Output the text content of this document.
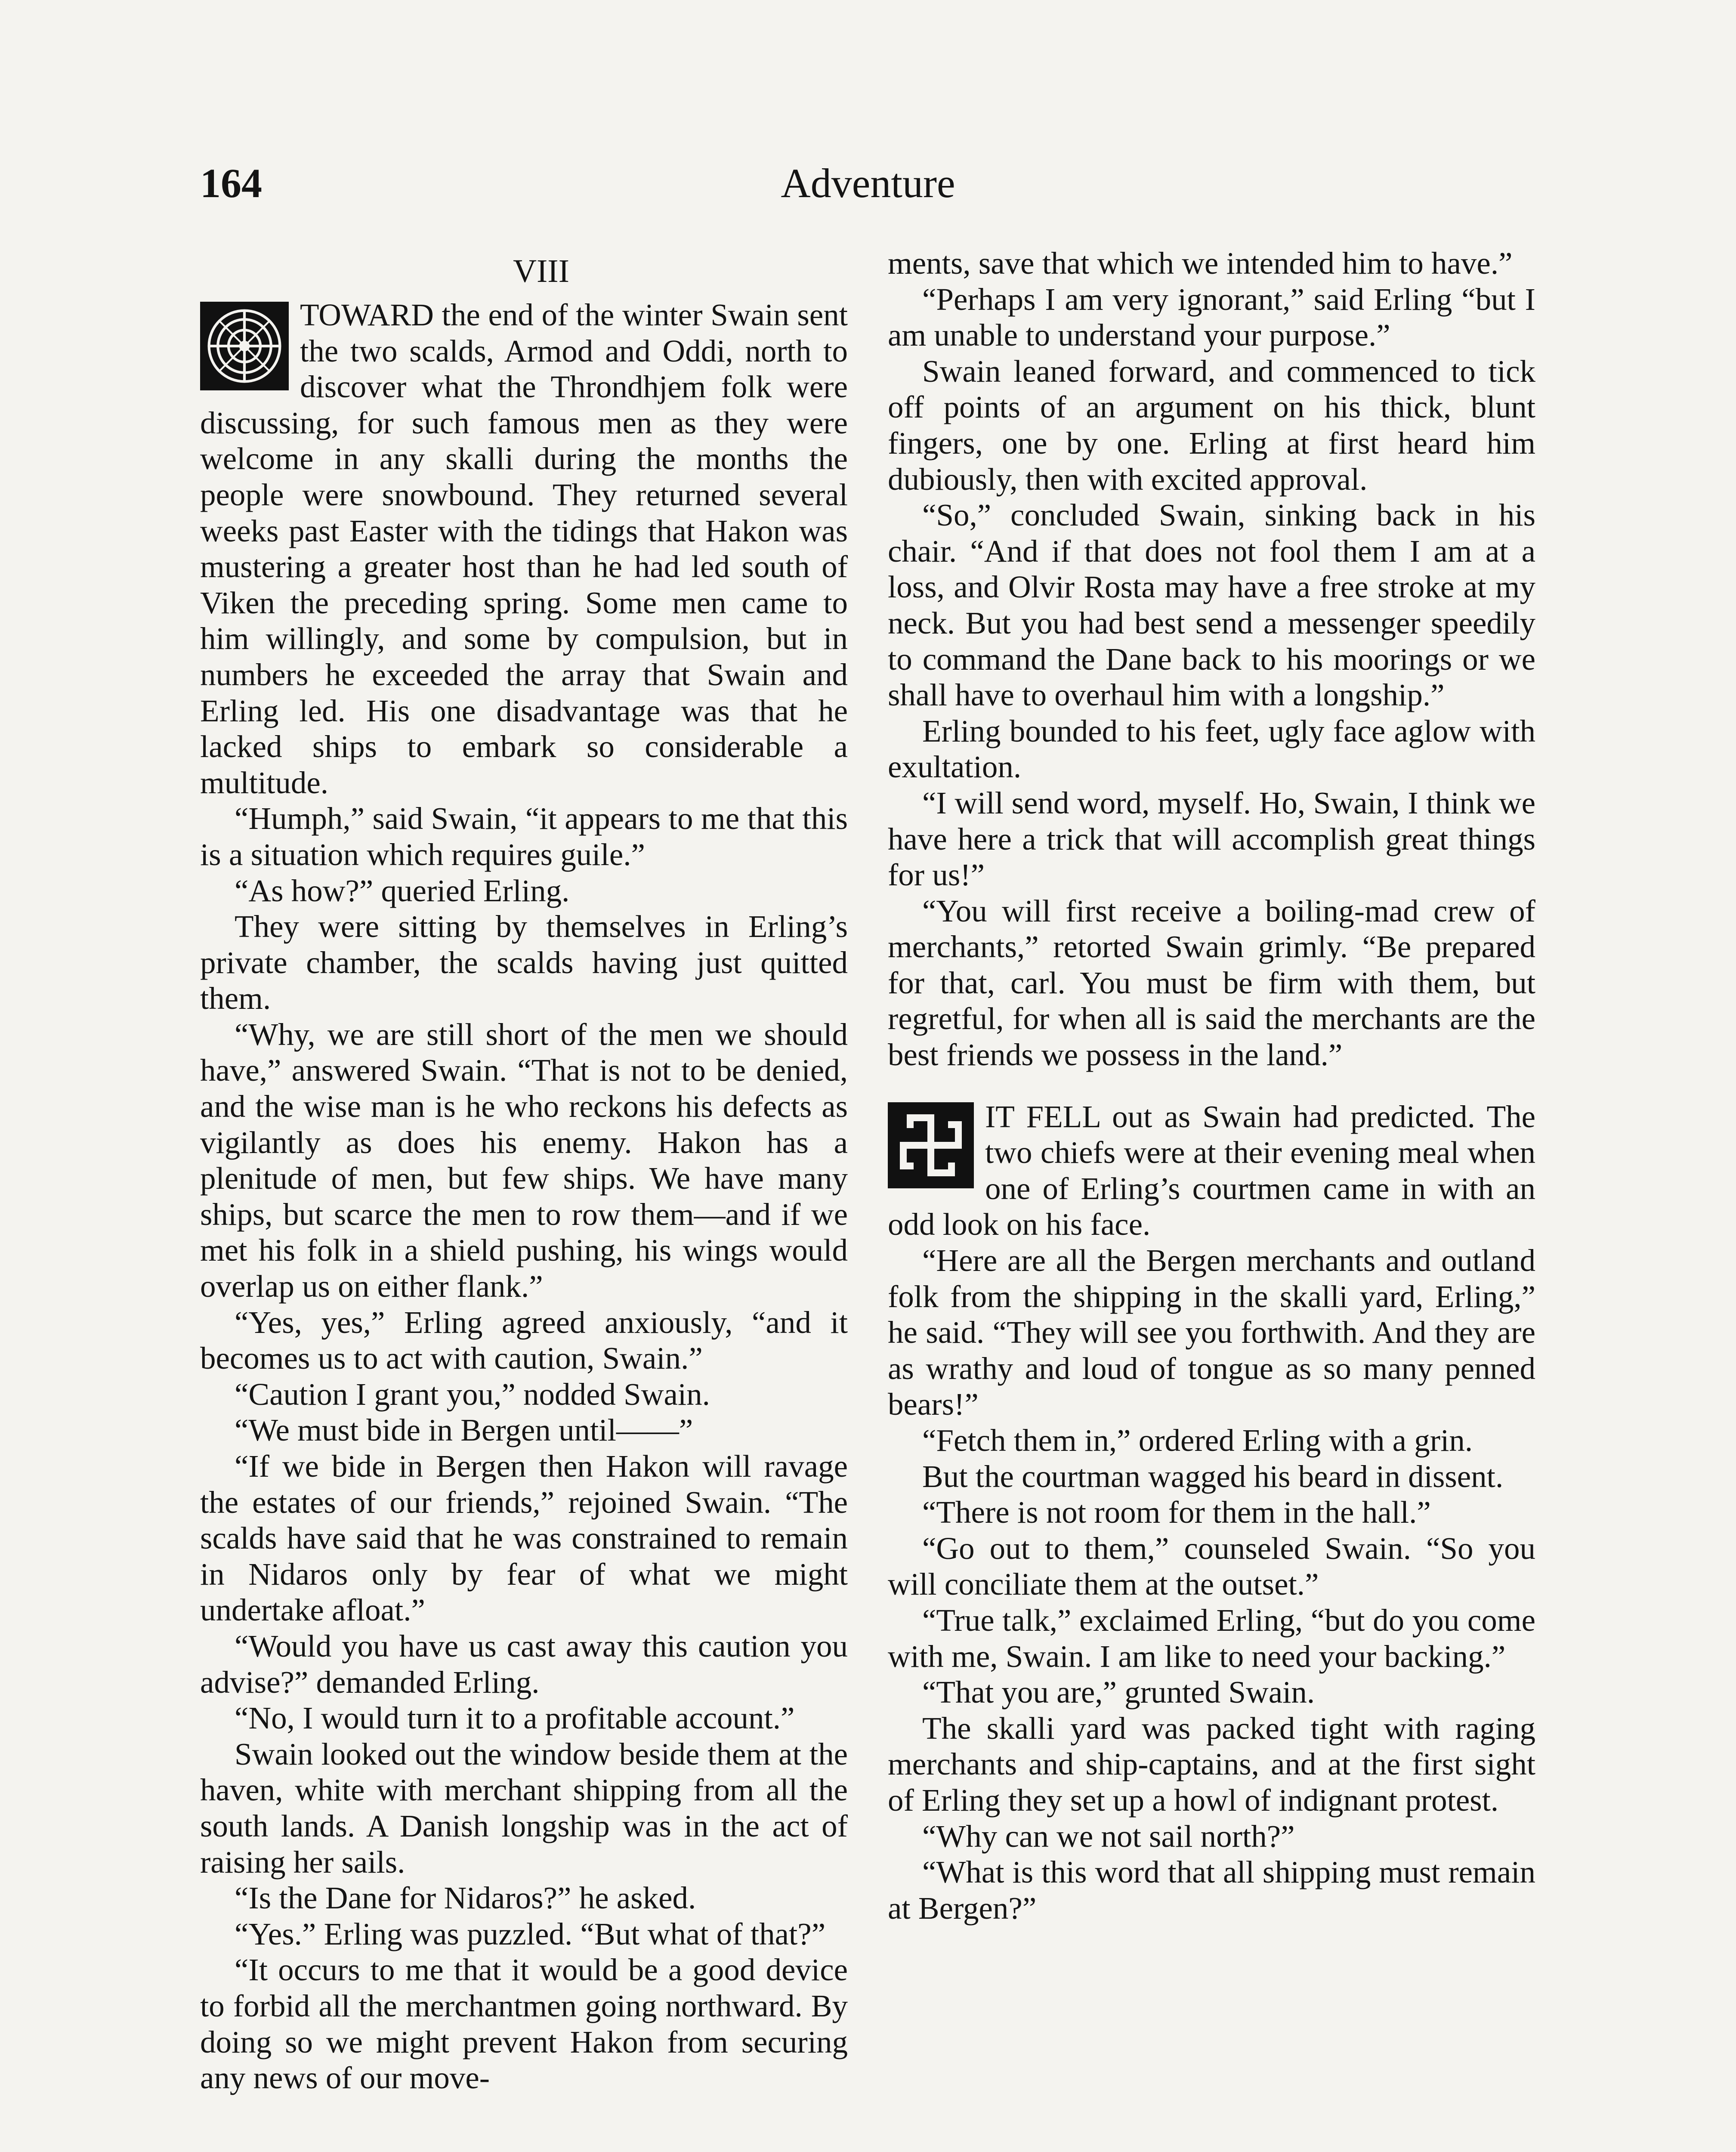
164	Adventure

VIII

TOWARD the end of the winter Swain sent the two scalds, Armod and Oddi, north to discover what the Throndhjem folk were discussing, for such famous men as they were welcome in any skalli during the months the people were snowbound. They returned several weeks past Easter with the tidings that Hakon was mustering a greater host than he had led south of Viken the preceding spring. Some men came to him willingly, and some by compulsion, but in numbers he exceeded the array that Swain and Erling led. His one disadvantage was that he lacked ships to embark so considerable a multitude.

“Humph,” said Swain, “it appears to me that this is a situation which requires guile.”

“As how?” queried Erling.

They were sitting by themselves in Erling’s private chamber, the scalds having just quitted them.

“Why, we are still short of the men we should have,” answered Swain. “That is not to be denied, and the wise man is he who reckons his defects as vigilantly as does his enemy. Hakon has a plenitude of men, but few ships. We have many ships, but scarce the men to row them—and if we met his folk in a shield pushing, his wings would overlap us on either flank.”

“Yes, yes,” Erling agreed anxiously, “and it becomes us to act with caution, Swain.”

“Caution I grant you,” nodded Swain.

“We must bide in Bergen until——”

“If we bide in Bergen then Hakon will ravage the estates of our friends,” rejoined Swain. “The scalds have said that he was constrained to remain in Nidaros only by fear of what we might undertake afloat.”

“Would you have us cast away this caution you advise?” demanded Erling.

“No, I would turn it to a profitable account.”

Swain looked out the window beside them at the haven, white with merchant shipping from all the south lands. A Danish longship was in the act of raising her sails.

“Is the Dane for Nidaros?” he asked.

“Yes.” Erling was puzzled. “But what of that?”

“It occurs to me that it would be a good device to forbid all the merchantmen going northward. By doing so we might prevent Hakon from securing any news of our move-

ments, save that which we intended him to have.”

“Perhaps I am very ignorant,” said Erling “but I am unable to understand your purpose.”

Swain leaned forward, and commenced to tick off points of an argument on his thick, blunt fingers, one by one. Erling at first heard him dubiously, then with excited approval.

“So,” concluded Swain, sinking back in his chair. “And if that does not fool them I am at a loss, and Olvir Rosta may have a free stroke at my neck. But you had best send a messenger speedily to command the Dane back to his moorings or we shall have to overhaul him with a longship.”

Erling bounded to his feet, ugly face aglow with exultation.

“I will send word, myself. Ho, Swain, I think we have here a trick that will accomplish great things for us!”

“You will first receive a boiling-mad crew of merchants,” retorted Swain grimly. “Be prepared for that, carl. You must be firm with them, but regretful, for when all is said the merchants are the best friends we possess in the land.”

IT FELL out as Swain had predicted. The two chiefs were at their evening meal when one of Erling’s courtmen came in with an odd look on his face.

“Here are all the Bergen merchants and outland folk from the shipping in the skalli yard, Erling,” he said. “They will see you forthwith. And they are as wrathy and loud of tongue as so many penned bears!”

“Fetch them in,” ordered Erling with a grin.

But the courtman wagged his beard in dissent.

“There is not room for them in the hall.”

“Go out to them,” counseled Swain. “So you will conciliate them at the outset.”

“True talk,” exclaimed Erling, “but do you come with me, Swain. I am like to need your backing.”

“That you are,” grunted Swain.

The skalli yard was packed tight with raging merchants and ship-captains, and at the first sight of Erling they set up a howl of indignant protest.

“Why can we not sail north?”

“What is this word that all shipping must remain at Bergen?”
